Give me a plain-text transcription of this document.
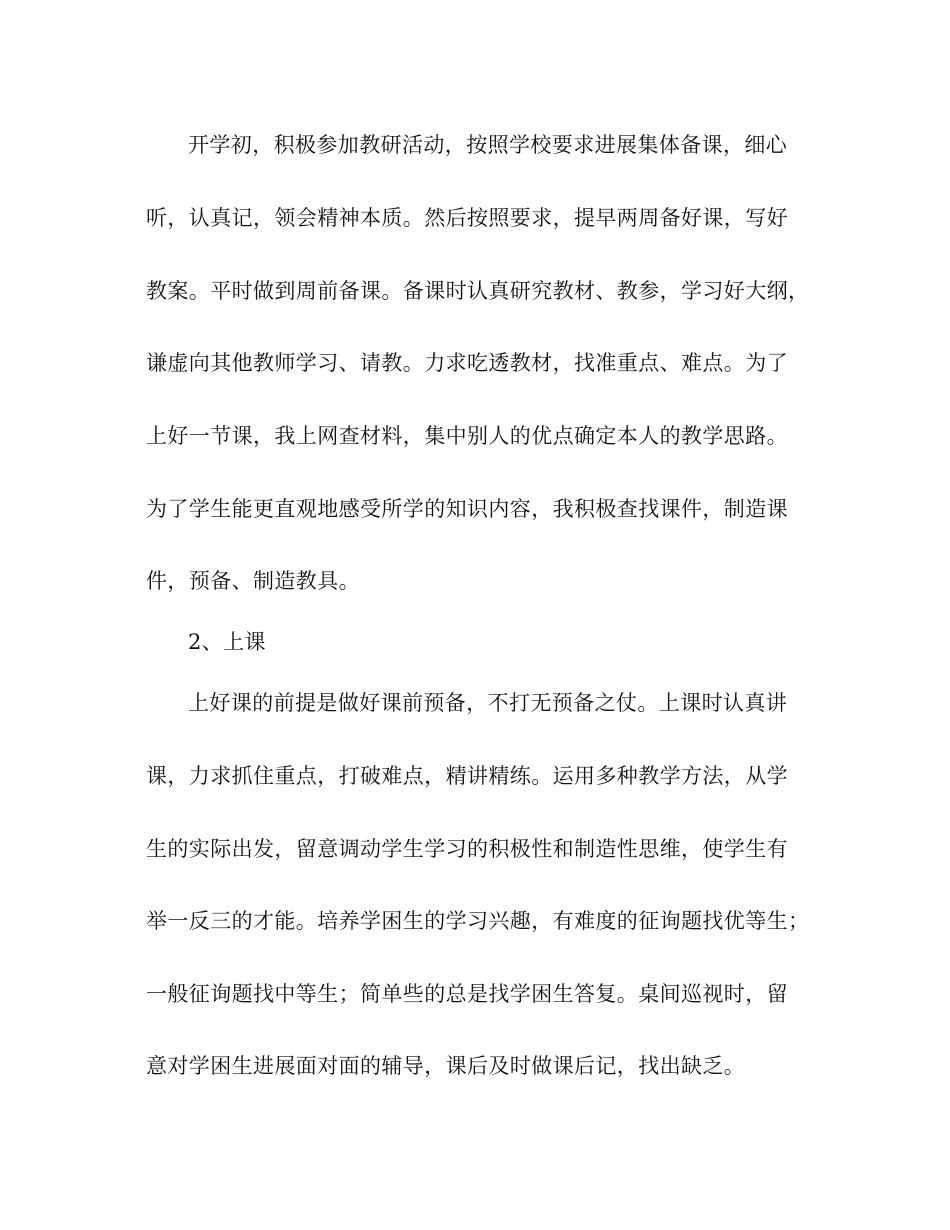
开学初，积极参加教研活动，按照学校要求进展集体备课，细心
听，认真记，领会精神本质。然后按照要求，提早两周备好课，写好
教案。平时做到周前备课。备课时认真研究教材、教参，学习好大纲，
谦虚向其他教师学习、请教。力求吃透教材，找准重点、难点。为了
上好一节课，我上网查材料，集中别人的优点确定本人的教学思路。
为了学生能更直观地感受所学的知识内容，我积极查找课件，制造课
件，预备、制造教具。
2、上课
上好课的前提是做好课前预备，不打无预备之仗。上课时认真讲
课，力求抓住重点，打破难点，精讲精练。运用多种教学方法，从学
生的实际出发，留意调动学生学习的积极性和制造性思维，使学生有
举一反三的才能。培养学困生的学习兴趣，有难度的征询题找优等生；
一般征询题找中等生；简单些的总是找学困生答复。桌间巡视时，留
意对学困生进展面对面的辅导，课后及时做课后记，找出缺乏。
